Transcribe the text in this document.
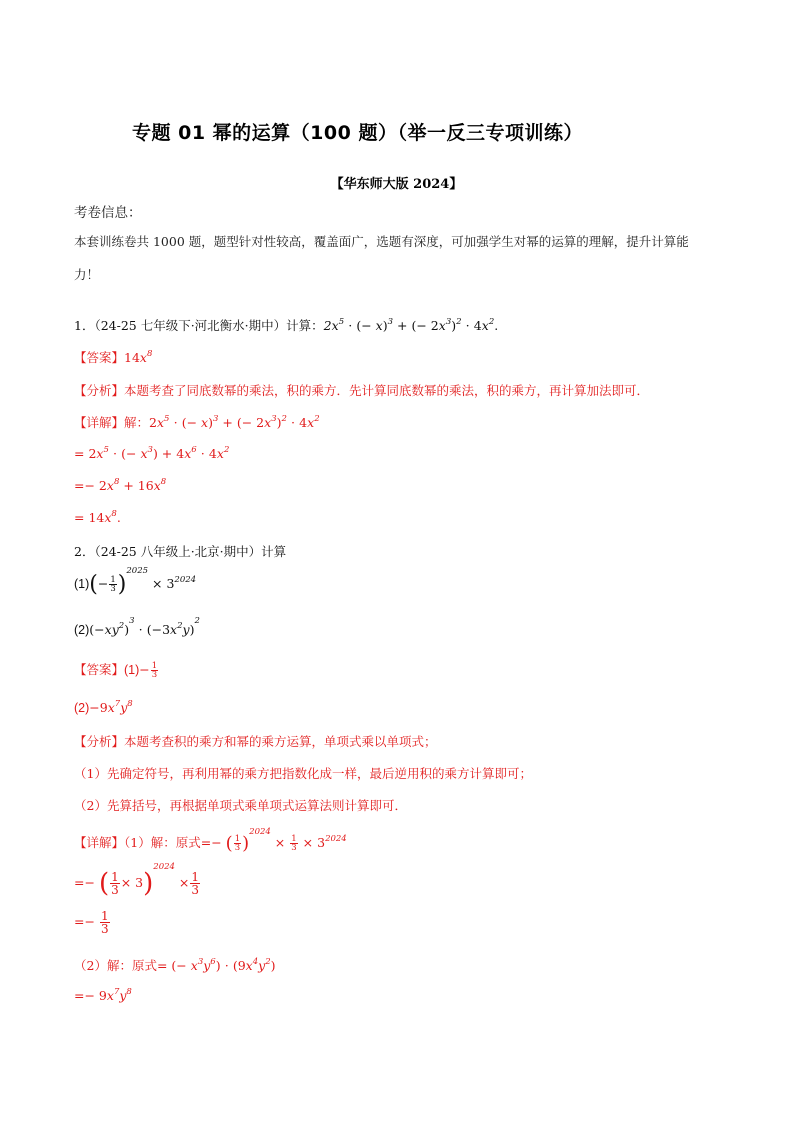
专题 01 幂的运算（100 题）（举一反三专项训练）
【华东师大版 2024】
考卷信息：
本套训练卷共 1000 题，题型针对性较高，覆盖面广，选题有深度，可加强学生对幂的运算的理解，提升计算能
力！
1．（24-25 七年级下·河北衡水·期中）计算：$2x^5$ ⋅ (− x)$^3$ + (− $2x^3)^2 \cdot 4x^2$.
【答案】$14x^8$
【分析】本题考查了同底数幂的乘法，积的乘方．先计算同底数幂的乘法，积的乘方，再计算加法即可．
【详解】解：$2x^5$ ⋅ (− x)$^3$ + (− $2x^3)^2 \cdot 4x^2$
= $2x^5$ ⋅ (− $x^3) + 4x^6 \cdot 4x^2$
=− $2x^8 + 16x^8$
= $14x^8$.
2．（24-25 八年级上·北京·期中）计算
$(1)(- \frac{1}{3} )^{2025} \times 3^{2024}$
$(2)(-xy^2)^3 \cdot (-3x^2y)^2$
【答案】$(1)- \frac{1}{3}$
$(2)-9x^7y^8$
【分析】本题考查积的乘方和幂的乘方运算，单项式乘以单项式；
（1）先确定符号，再利用幂的乘方把指数化成一样，最后逆用积的乘方计算即可；
（2）先算括号，再根据单项式乘单项式运算法则计算即可．
【详解】（1）解：原式=− ( $\frac{1}{3} )^{2024} \times \frac{1}{3} \times 3^{2024}$
=− ( $\frac{1}{3} \times 3)^{2024} \times \frac{1}{3}$
=− $\frac{1}{3}$
（2）解：原式= (− $x^3y^6) \cdot (9x^4y^2)$
=− $9x^7y^8$
